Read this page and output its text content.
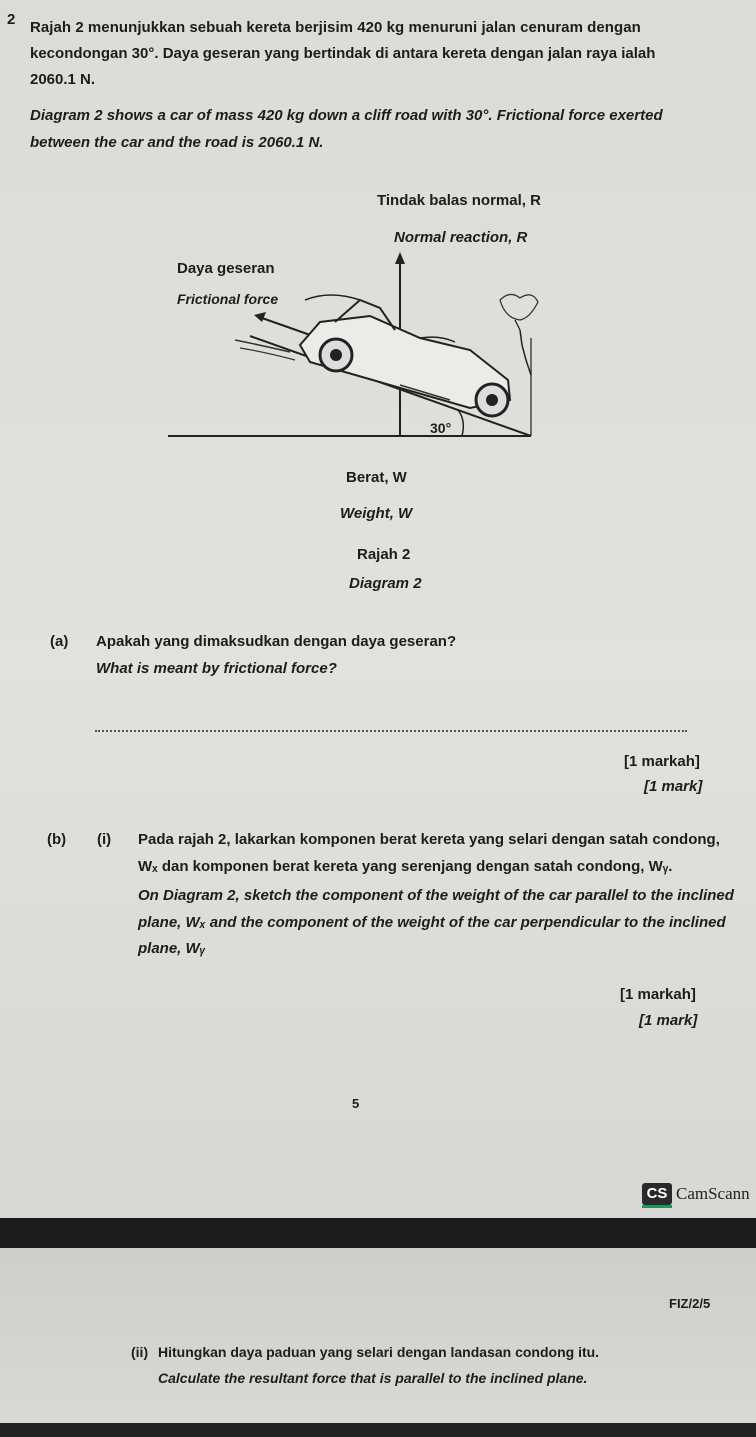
2 Rajah 2 menunjukkan sebuah kereta berjisim 420 kg menuruni jalan cenuram dengan
kecondongan 30°. Daya geseran yang bertindak di antara kereta dengan jalan raya ialah
2060.1 N.
Diagram 2 shows a car of mass 420 kg down a cliff road with 30°. Frictional force exerted
between the car and the road is 2060.1 N.
Tindak balas normal, R
Normal reaction, R
Daya geseran
Frictional force
30°
Berat, W
Weight, W
Rajah 2
Diagram 2
(a) Apakah yang dimaksudkan dengan daya geseran?
What is meant by frictional force?
[1 markah]
[1 mark]
(b) (i) Pada rajah 2, lakarkan komponen berat kereta yang selari dengan satah condong,
Wₓ dan komponen berat kereta yang serenjang dengan satah condong, Wᵧ.
On Diagram 2, sketch the component of the weight of the car parallel to the inclined
plane, Wₓ and the component of the weight of the car perpendicular to the inclined
plane, Wᵧ
[1 markah]
[1 mark]
5
CS CamScann
FIZ/2/5
(ii) Hitungkan daya paduan yang selari dengan landasan condong itu.
Calculate the resultant force that is parallel to the inclined plane.
